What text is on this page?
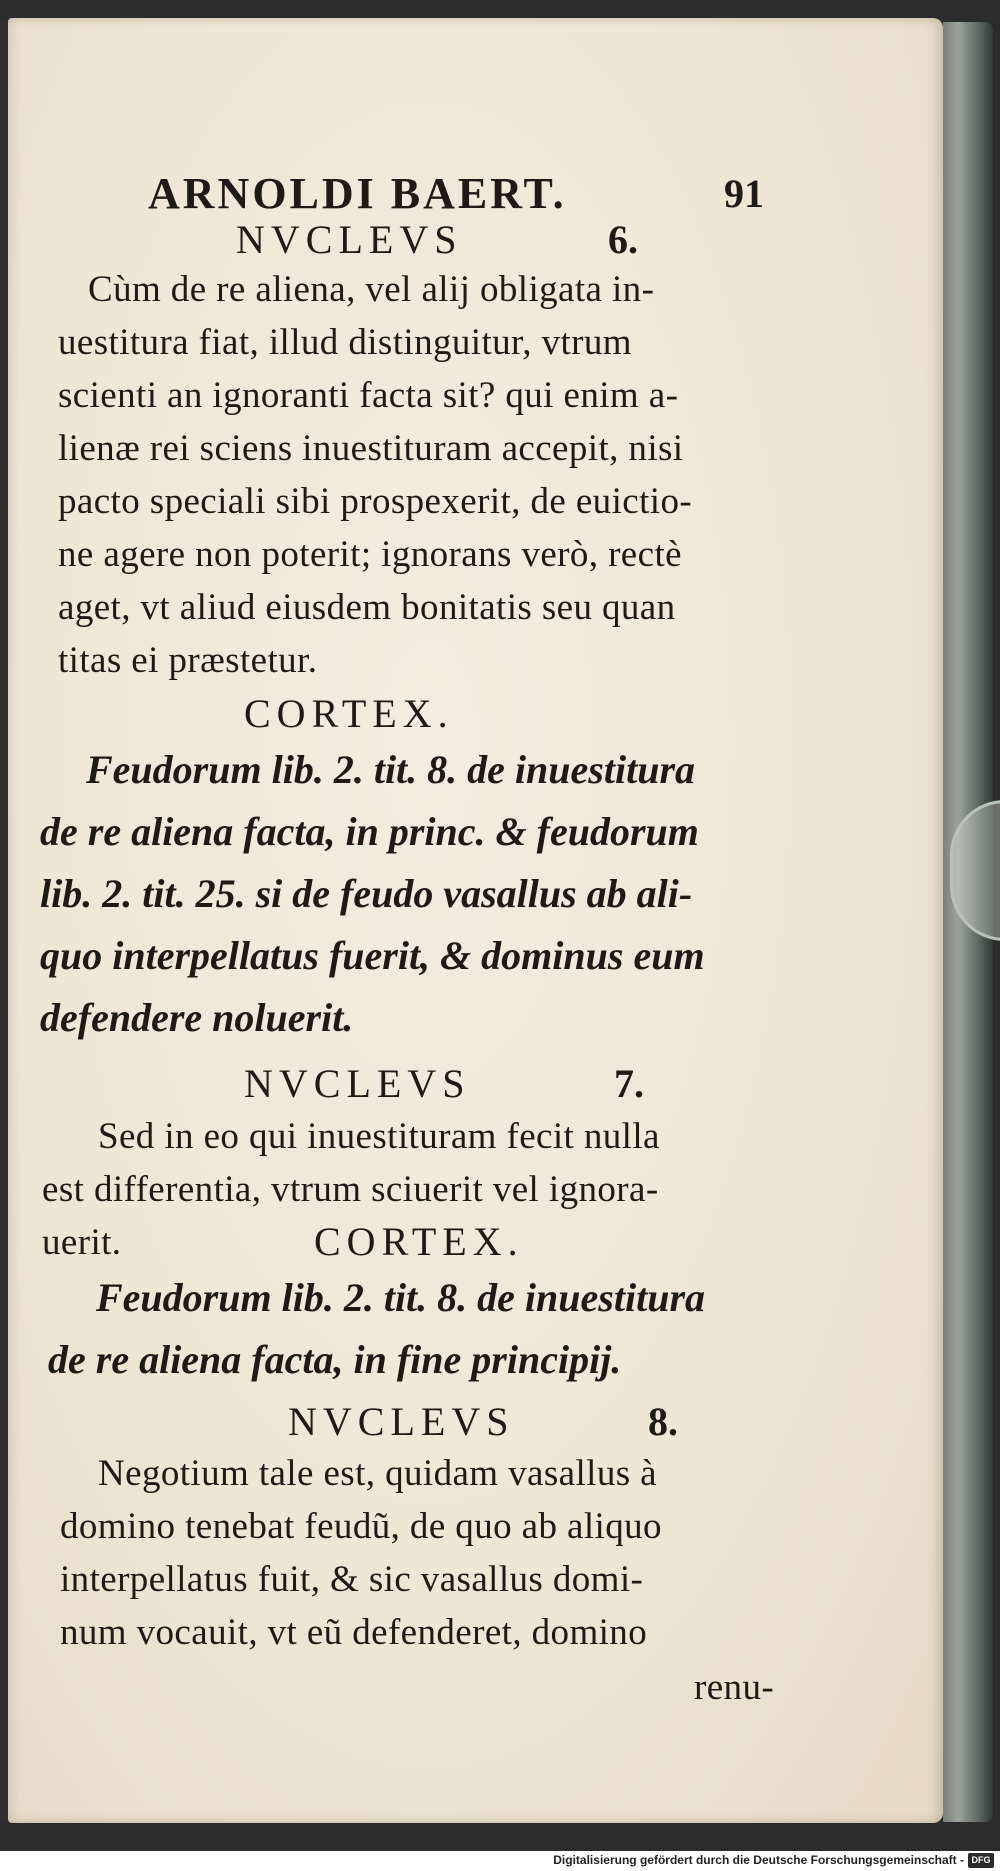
ARNOLDI BAERT.	91
NVCLEVS	6.
Cùm de re aliena, vel alij obligata in-
uestitura fiat, illud distinguitur, vtrum
scienti an ignoranti facta sit? qui enim a-
lienæ rei sciens inuestituram accepit, nisi
pacto speciali sibi prospexerit, de euictio-
ne agere non poterit; ignorans verò, rectè
aget, vt aliud eiusdem bonitatis seu quan
titas ei præstetur.
CORTEX.
Feudorum lib. 2. tit. 8. de inuestitura
de re aliena facta, in princ. & feudorum
lib. 2. tit. 25. si de feudo vasallus ab ali-
quo interpellatus fuerit, & dominus eum
defendere noluerit.
NVCLEVS	7.
Sed in eo qui inuestituram fecit nulla
est differentia, vtrum sciuerit vel ignora-
uerit.	CORTEX.
Feudorum lib. 2. tit. 8. de inuestitura
de re aliena facta, in fine principij.
NVCLEVS	8.
Negotium tale est, quidam vasallus à
domino tenebat feudũ, de quo ab aliquo
interpellatus fuit, & sic vasallus domi-
num vocauit, vt eũ defenderet, domino
renu-
Digitalisierung gefördert durch die Deutsche Forschungsgemeinschaft - DFG
